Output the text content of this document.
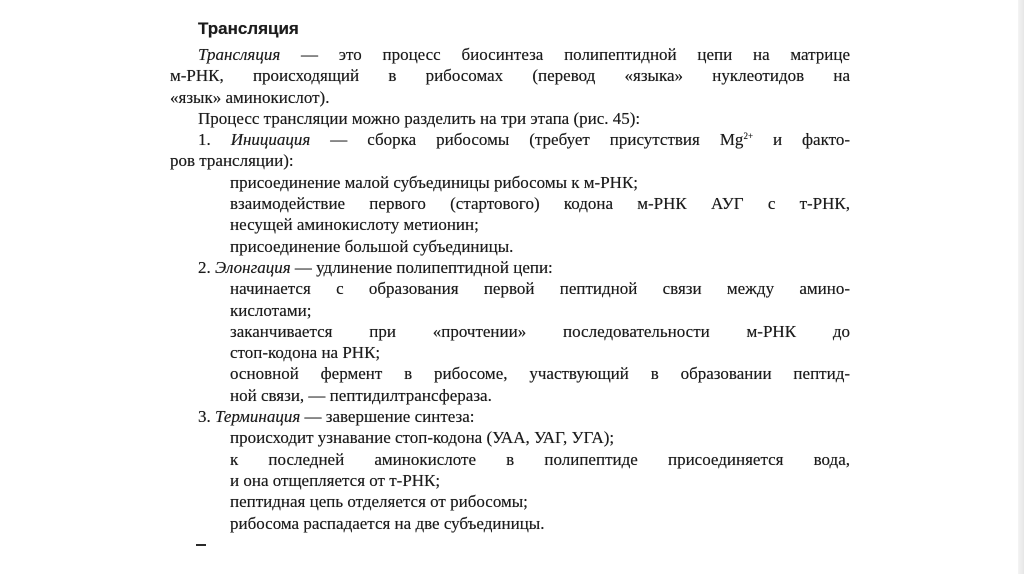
Трансляция
Трансляция — это процесс биосинтеза полипептидной цепи на матрице
м-РНК, происходящий в рибосомах (перевод «языка» нуклеотидов на
«язык» аминокислот).
Процесс трансляции можно разделить на три этапа (рис. 45):
1. Инициация — сборка рибосомы (требует присутствия $Mg^{2+}$ и факто-
ров трансляции):
присоединение малой субъединицы рибосомы к м-РНК;
взаимодействие первого (стартового) кодона м-РНК АУГ с т-РНК,
несущей аминокислоту метионин;
присоединение большой субъединицы.
2. Элонгация — удлинение полипептидной цепи:
начинается с образования первой пептидной связи между амино-
кислотами;
заканчивается при «прочтении» последовательности м-РНК до
стоп-кодона на РНК;
основной фермент в рибосоме, участвующий в образовании пептид-
ной связи, — пептидилтрансфераза.
3. Терминация — завершение синтеза:
происходит узнавание стоп-кодона (УАА, УАГ, УГА);
к последней аминокислоте в полипептиде присоединяется вода,
и она отщепляется от т-РНК;
пептидная цепь отделяется от рибосомы;
рибосома распадается на две субъединицы.
